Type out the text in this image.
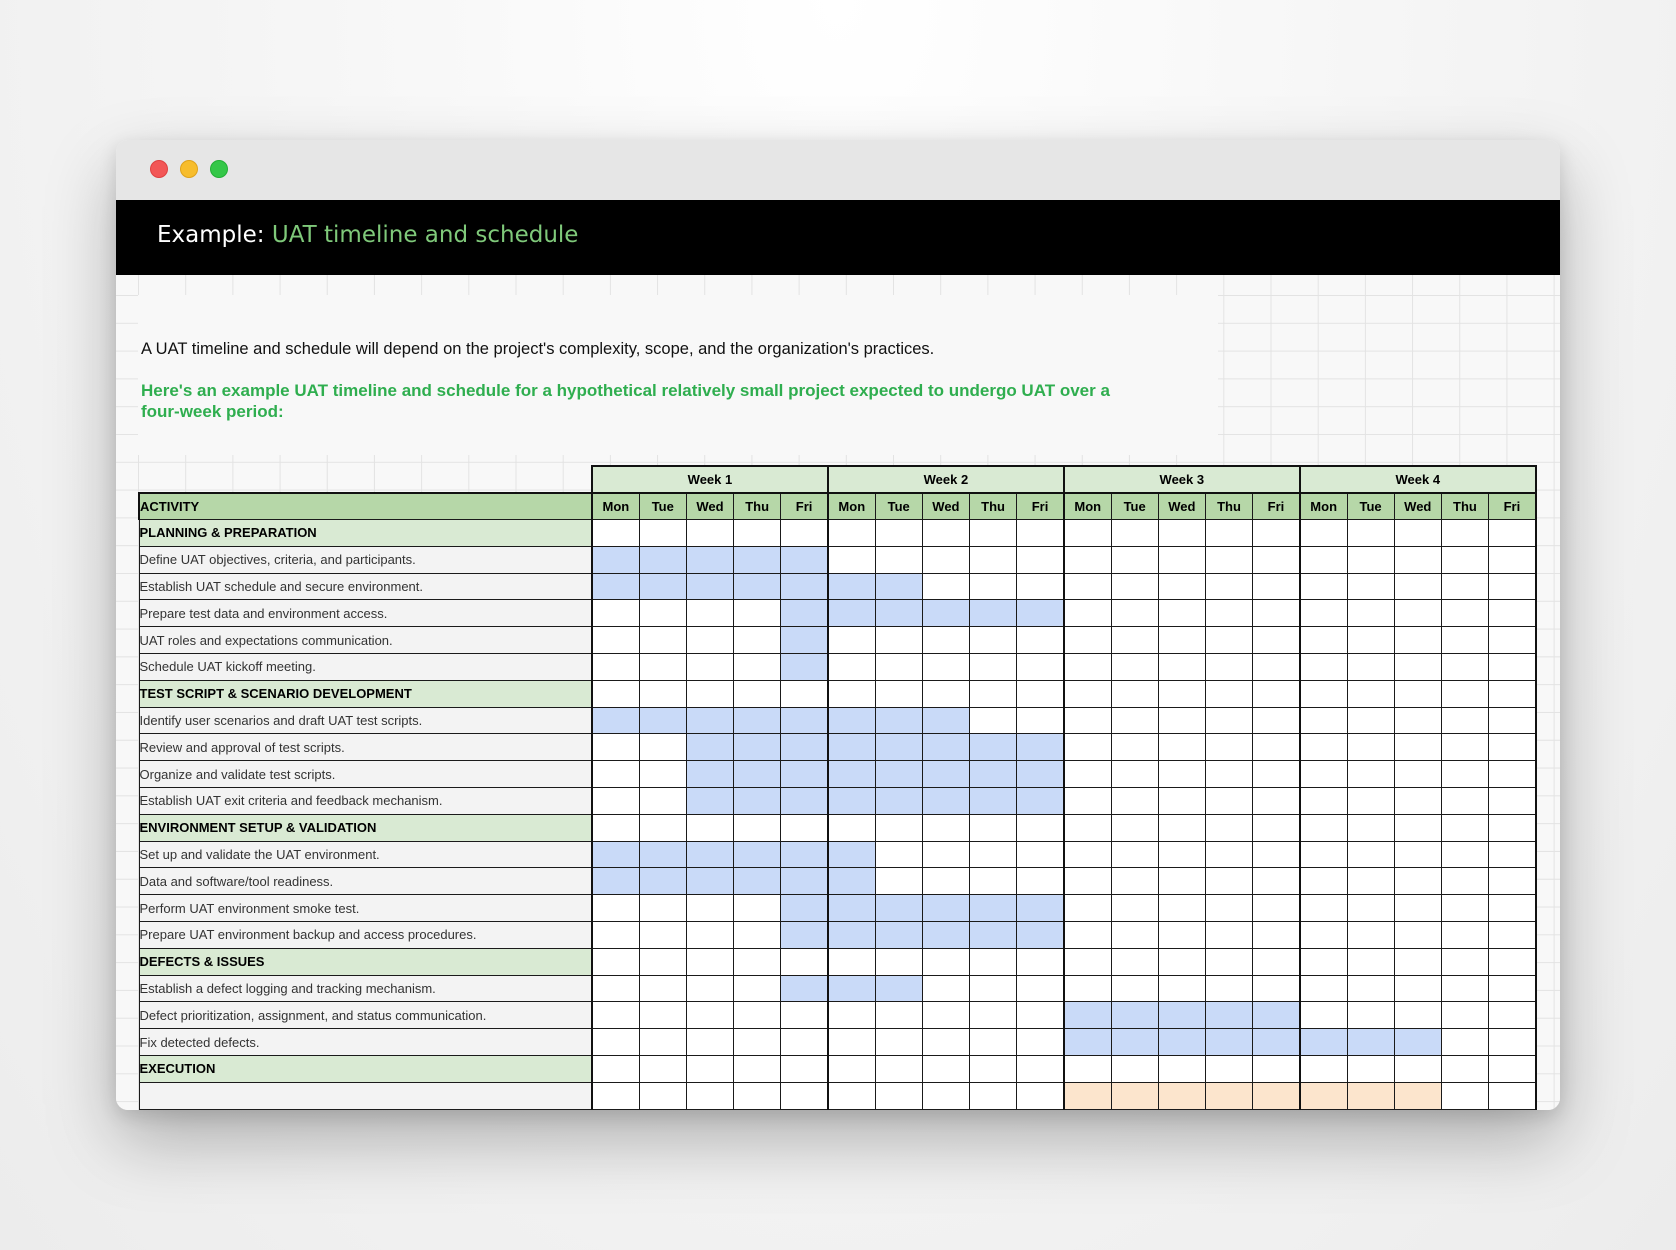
Example: UAT timeline and schedule
A UAT timeline and schedule will depend on the project's complexity, scope, and the organization's practices.
Here's an example UAT timeline and schedule for a hypothetical relatively small project expected to undergo UAT over a four-week period:
	Week 1					Week 2					Week 3					Week 4				
ACTIVITY	Mon	Tue	Wed	Thu	Fri	Mon	Tue	Wed	Thu	Fri	Mon	Tue	Wed	Thu	Fri	Mon	Tue	Wed	Thu	Fri
PLANNING & PREPARATION																				
Define UAT objectives, criteria, and participants.																				
Establish UAT schedule and secure environment.																				
Prepare test data and environment access.																				
UAT roles and expectations communication.																				
Schedule UAT kickoff meeting.																				
TEST SCRIPT & SCENARIO DEVELOPMENT																				
Identify user scenarios and draft UAT test scripts.																				
Review and approval of test scripts.																				
Organize and validate test scripts.																				
Establish UAT exit criteria and feedback mechanism.																				
ENVIRONMENT SETUP & VALIDATION																				
Set up and validate the UAT environment.																				
Data and software/tool readiness.																				
Perform UAT environment smoke test.																				
Prepare UAT environment backup and access procedures.																				
DEFECTS & ISSUES																				
Establish a defect logging and tracking mechanism.																				
Defect prioritization, assignment, and status communication.																				
Fix detected defects.																				
EXECUTION																				
